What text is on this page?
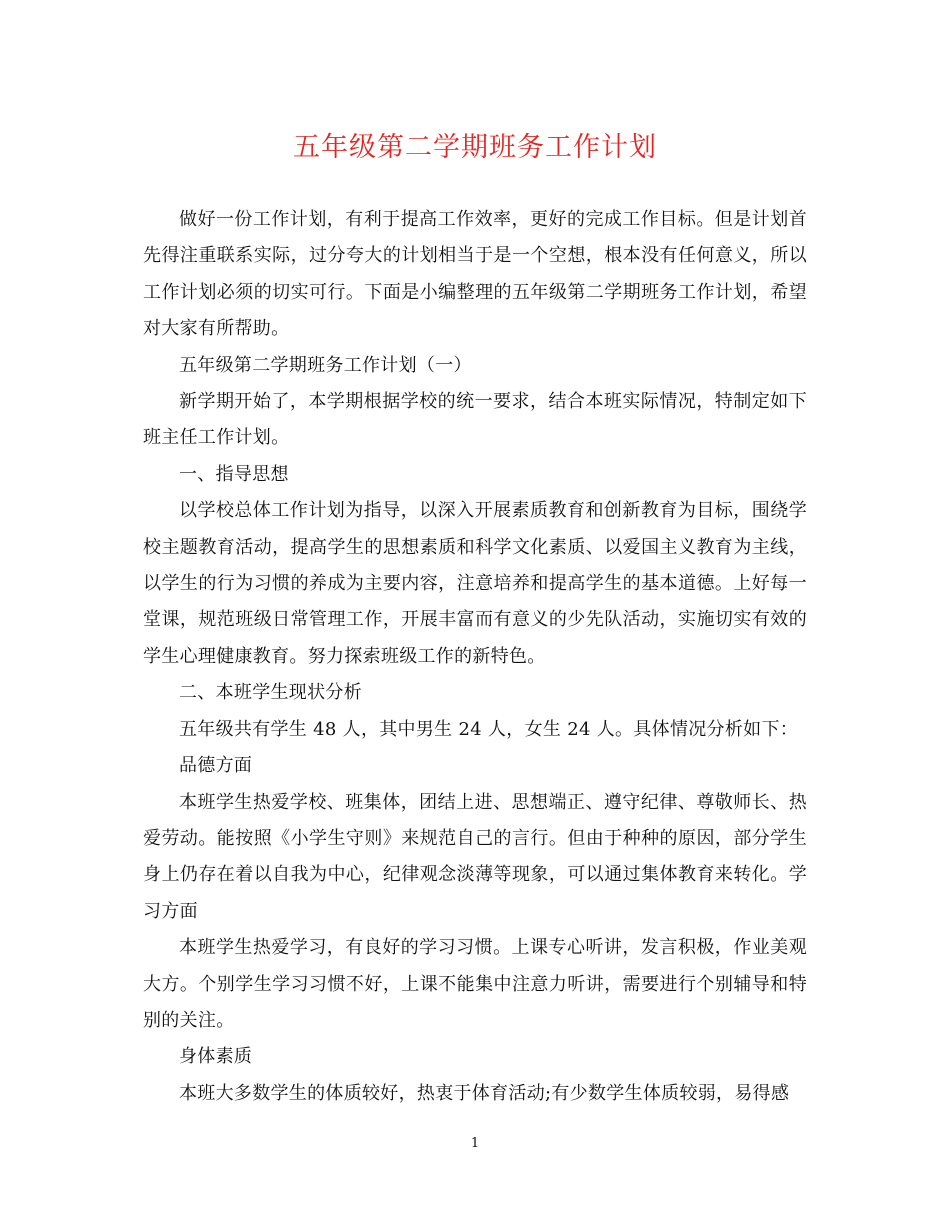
五年级第二学期班务工作计划

做好一份工作计划，有利于提高工作效率，更好的完成工作目标。但是计划首先得注重联系实际，过分夸大的计划相当于是一个空想，根本没有任何意义，所以工作计划必须的切实可行。下面是小编整理的五年级第二学期班务工作计划，希望对大家有所帮助。

五年级第二学期班务工作计划（一）

新学期开始了，本学期根据学校的统一要求，结合本班实际情况，特制定如下班主任工作计划。

一、指导思想

以学校总体工作计划为指导，以深入开展素质教育和创新教育为目标，围绕学校主题教育活动，提高学生的思想素质和科学文化素质、以爱国主义教育为主线，以学生的行为习惯的养成为主要内容，注意培养和提高学生的基本道德。上好每一堂课，规范班级日常管理工作，开展丰富而有意义的少先队活动，实施切实有效的学生心理健康教育。努力探索班级工作的新特色。

二、本班学生现状分析

五年级共有学生 48 人，其中男生 24 人，女生 24 人。具体情况分析如下：

品德方面

本班学生热爱学校、班集体，团结上进、思想端正、遵守纪律、尊敬师长、热爱劳动。能按照《小学生守则》来规范自己的言行。但由于种种的原因，部分学生身上仍存在着以自我为中心，纪律观念淡薄等现象，可以通过集体教育来转化。学习方面

本班学生热爱学习，有良好的学习习惯。上课专心听讲，发言积极，作业美观大方。个别学生学习习惯不好，上课不能集中注意力听讲，需要进行个别辅导和特别的关注。

身体素质

本班大多数学生的体质较好，热衷于体育活动;有少数学生体质较弱，易得感

1
